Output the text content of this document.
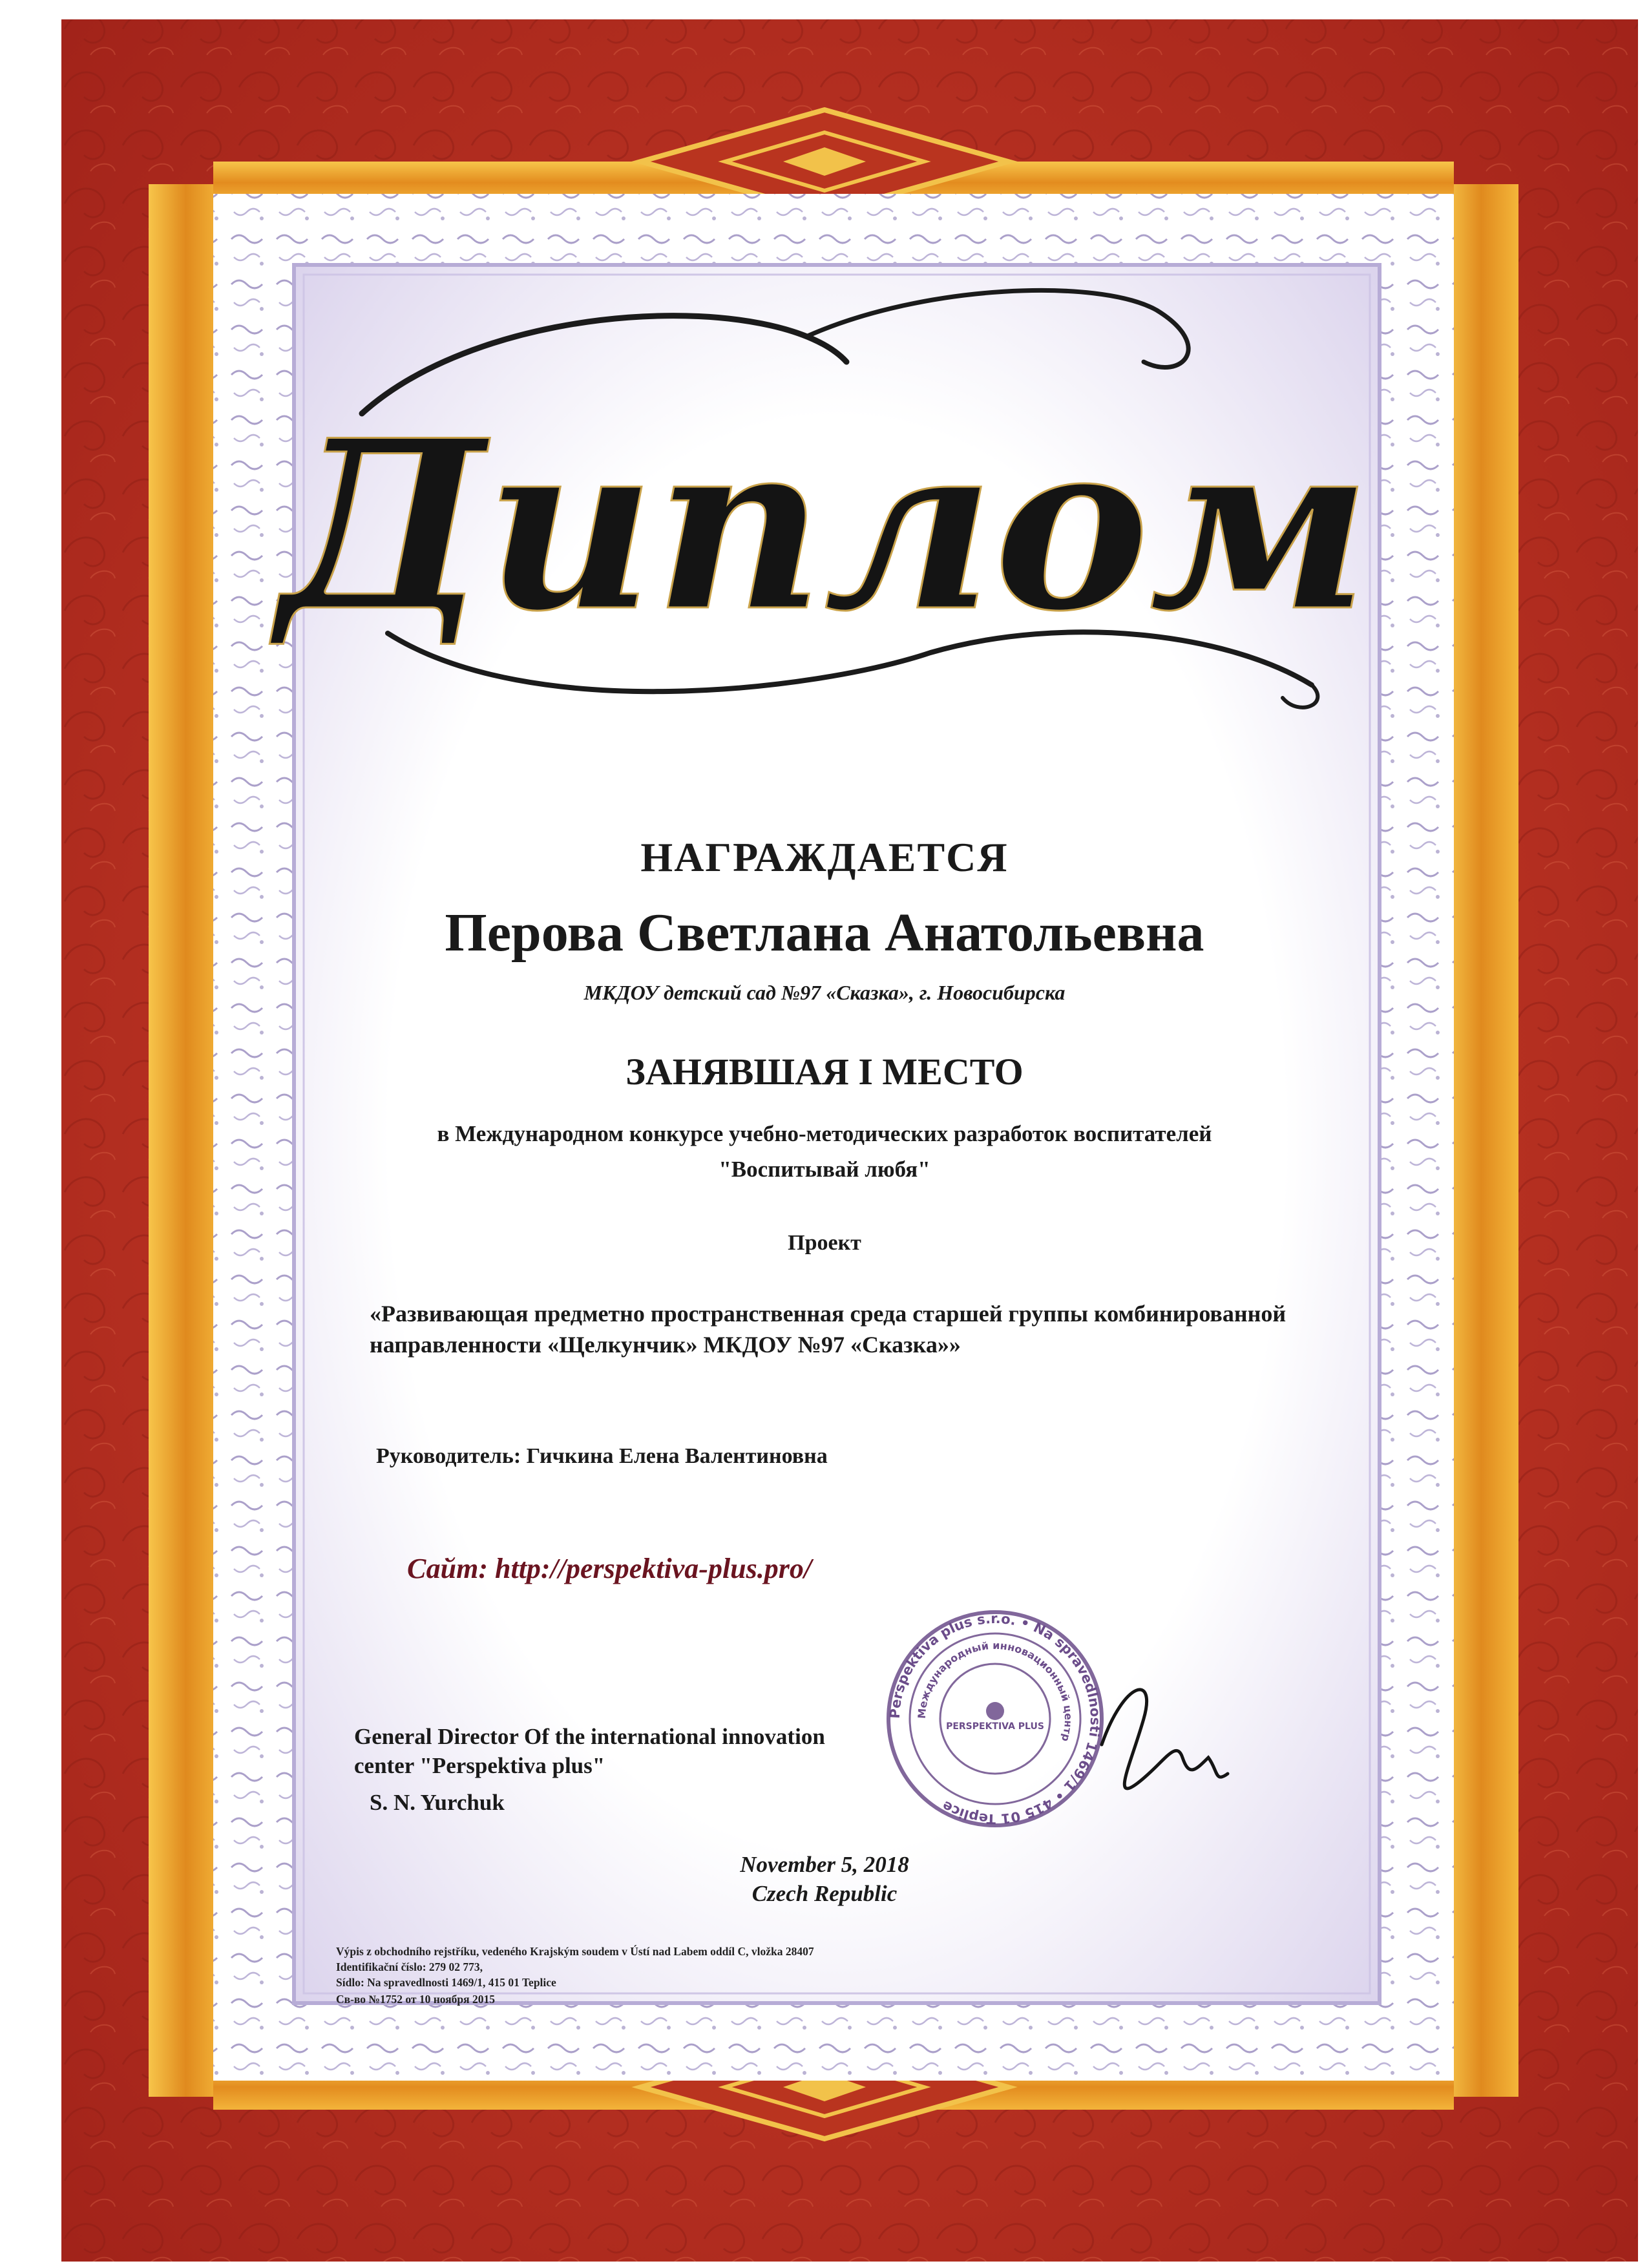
Диплом
Perspektiva plus s.r.o. • Na spravedlnosti 1469/1 • 415 01 Teplice
Международный инновационный центр
PERSPEKTIVA PLUS
НАГРАЖДАЕТСЯ
Перова Светлана Анатольевна
МКДОУ детский сад №97 «Сказка», г. Новосибирска
ЗАНЯВШАЯ I МЕСТО
в Международном конкурсе учебно-методических разработок воспитателей
"Воспитывай любя"
Проект
«Развивающая предметно пространственная среда старшей группы комбинированной
направленности «Щелкунчик» МКДОУ №97 «Сказка»»
Руководитель: Гичкина Елена Валентиновна
Сайт: http://perspektiva-plus.pro/
General Director Of the international innovation
center "Perspektiva plus"
S. N. Yurchuk
November 5, 2018
Czech Republic
Výpis z obchodního rejstříku, vedeného Krajským soudem v Ústí nad Labem oddíl C, vložka 28407
Identifikační číslo: 279 02 773,
Sídlo: Na spravedlnosti 1469/1, 415 01 Teplice
Св-во №1752 от 10 ноября 2015
